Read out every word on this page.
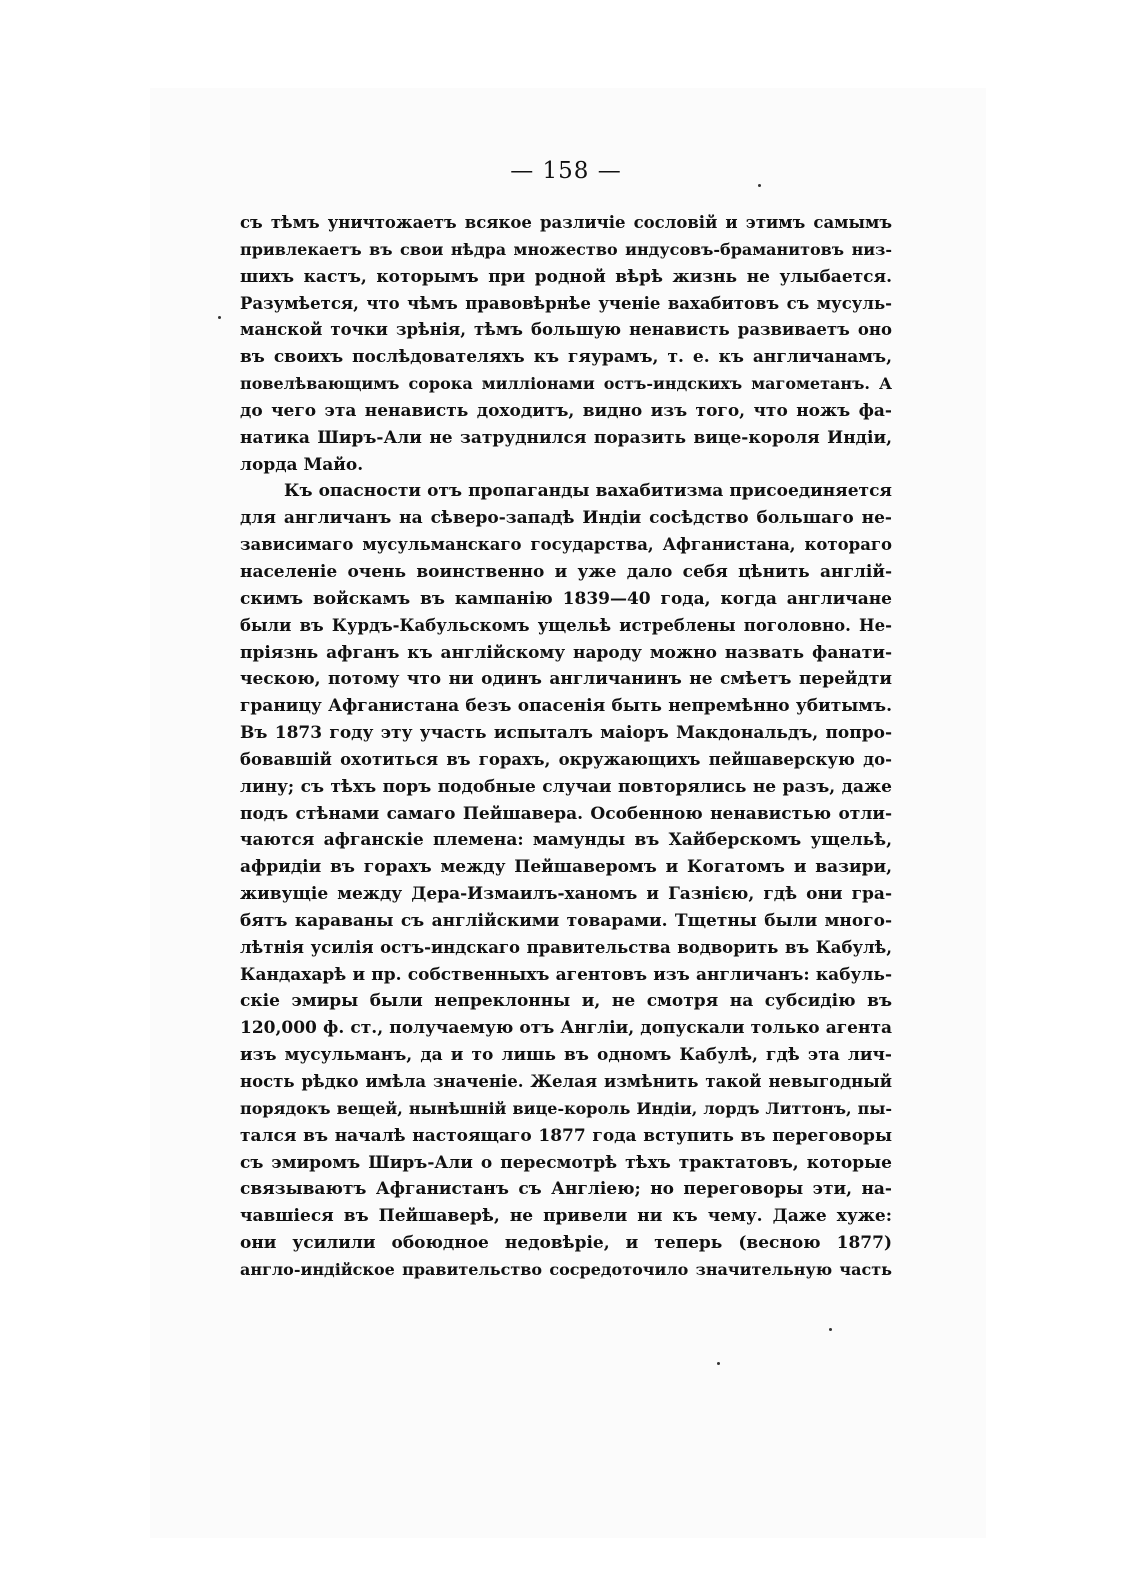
— 158 —
съ тѣмъ уничтожаетъ всякое различіе сословій и этимъ самымъ
привлекаетъ въ свои нѣдра множество индусовъ-браманитовъ низ-
шихъ кастъ, которымъ при родной вѣрѣ жизнь не улыбается.
Разумѣется, что чѣмъ правовѣрнѣе ученіе вахабитовъ съ мусуль-
манской точки зрѣнія, тѣмъ большую ненависть развиваетъ оно
въ своихъ послѣдователяхъ къ гяурамъ, т. е. къ англичанамъ,
повелѣвающимъ сорока милліонами остъ-индскихъ магометанъ. А
до чего эта ненависть доходитъ, видно изъ того, что ножъ фа-
натика Ширъ-Али не затруднился поразить вице-короля Индіи,
лорда Майо.
Къ опасности отъ пропаганды вахабитизма присоединяется
для англичанъ на сѣверо-западѣ Индіи сосѣдство большаго не-
зависимаго мусульманскаго государства, Афганистана, котораго
населеніе очень воинственно и уже дало себя цѣнить англій-
скимъ войскамъ въ кампанію 1839—40 года, когда англичане
были въ Курдъ-Кабульскомъ ущельѣ истреблены поголовно. Не-
пріязнь афганъ къ англійскому народу можно назвать фанати-
ческою, потому что ни одинъ англичанинъ не смѣетъ перейдти
границу Афганистана безъ опасенія быть непремѣнно убитымъ.
Въ 1873 году эту участь испыталъ маіоръ Макдональдъ, попро-
бовавшій охотиться въ горахъ, окружающихъ пейшаверскую до-
лину; съ тѣхъ поръ подобные случаи повторялись не разъ, даже
подъ стѣнами самаго Пейшавера. Особенною ненавистью отли-
чаются афганскіе племена: мамунды въ Хайберскомъ ущельѣ,
афридіи въ горахъ между Пейшаверомъ и Когатомъ и вазири,
живущіе между Дера-Измаилъ-ханомъ и Газнією, гдѣ они гра-
бятъ караваны съ англійскими товарами. Тщетны были много-
лѣтнія усилія остъ-индскаго правительства водворить въ Кабулѣ,
Кандахарѣ и пр. собственныхъ агентовъ изъ англичанъ: кабуль-
скіе эмиры были непреклонны и, не смотря на субсидію въ
120,000 ф. ст., получаемую отъ Англіи, допускали только агента
изъ мусульманъ, да и то лишь въ одномъ Кабулѣ, гдѣ эта лич-
ность рѣдко имѣла значеніе. Желая измѣнить такой невыгодный
порядокъ вещей, нынѣшній вице-король Индіи, лордъ Литтонъ, пы-
тался въ началѣ настоящаго 1877 года вступить въ переговоры
съ эмиромъ Ширъ-Али о пересмотрѣ тѣхъ трактатовъ, которые
связываютъ Афганистанъ съ Англіею; но переговоры эти, на-
чавшіеся въ Пейшаверѣ, не привели ни къ чему. Даже хуже:
они усилили обоюдное недовѣріе, и теперь (весною 1877)
англо-индійское правительство сосредоточило значительную часть
